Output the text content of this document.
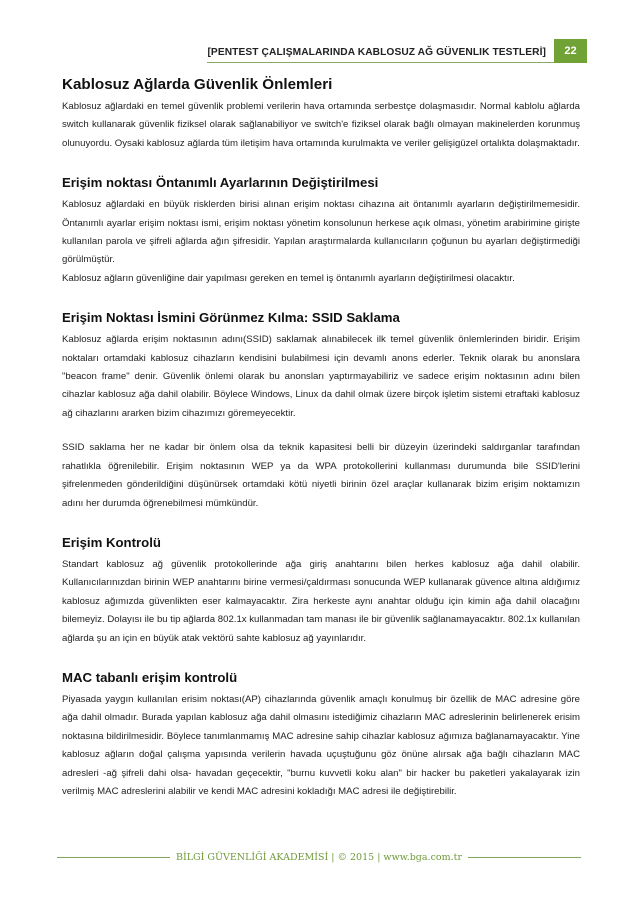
[PENTEST ÇALIŞMALARINDA KABLOSUZ AĞ GÜVENLIK TESTLERİ]	22
Kablosuz Ağlarda Güvenlik Önlemleri

Kablosuz ağlardaki en temel güvenlik problemi verilerin hava ortamında serbestçe dolaşmasıdır. Normal kablolu ağlarda switch kullanarak güvenlik fiziksel olarak sağlanabiliyor ve switch'e fiziksel olarak bağlı olmayan makinelerden korunmuş olunuyordu. Oysaki kablosuz ağlarda tüm iletişim hava ortamında kurulmakta ve veriler gelişigüzel ortalıkta dolaşmaktadır.

Erişim noktası Öntanımlı Ayarlarının Değiştirilmesi

Kablosuz ağlardaki en büyük risklerden birisi alınan erişim noktası cihazına ait öntanımlı ayarların değiştirilmemesidir. Öntanımlı ayarlar erişim noktası ismi, erişim noktası yönetim konsolunun herkese açık olması, yönetim arabirimine girişte kullanılan parola ve şifreli ağlarda ağın şifresidir. Yapılan araştırmalarda kullanıcıların çoğunun bu ayarları değiştirmediği görülmüştür.

Kablosuz ağların güvenliğine dair yapılması gereken en temel iş öntanımlı ayarların değiştirilmesi olacaktır.

Erişim Noktası İsmini Görünmez Kılma: SSID Saklama

Kablosuz ağlarda erişim noktasının adını(SSID) saklamak alınabilecek ilk temel güvenlik önlemlerinden biridir. Erişim noktaları ortamdaki kablosuz cihazların kendisini bulabilmesi için devamlı anons ederler. Teknik olarak bu anonslara "beacon frame" denir. Güvenlik önlemi olarak bu anonsları yaptırmayabiliriz ve sadece erişim noktasının adını bilen cihazlar kablosuz ağa dahil olabilir. Böylece Windows, Linux da dahil olmak üzere birçok işletim sistemi etraftaki kablosuz ağ cihazlarını ararken bizim cihazımızı göremeyecektir.

SSID saklama her ne kadar bir önlem olsa da teknik kapasitesi belli bir düzeyin üzerindeki saldırganlar tarafından rahatlıkla öğrenilebilir. Erişim noktasının WEP ya da WPA protokollerini kullanması durumunda bile SSID'lerini şifrelenmeden gönderildiğini düşünürsek ortamdaki kötü niyetli birinin özel araçlar kullanarak bizim erişim noktamızın adını her durumda öğrenebilmesi mümkündür.

Erişim Kontrolü

Standart kablosuz ağ güvenlik protokollerinde ağa giriş anahtarını bilen herkes kablosuz ağa dahil olabilir. Kullanıcılarınızdan birinin WEP anahtarını birine vermesi/çaldırması sonucunda WEP kullanarak güvence altına aldığımız kablosuz ağımızda güvenlikten eser kalmayacaktır. Zira herkeste aynı anahtar olduğu için kimin ağa dahil olacağını bilemeyiz. Dolayısı ile bu tip ağlarda 802.1x kullanmadan tam manası ile bir güvenlik sağlanamayacaktır. 802.1x kullanılan ağlarda şu an için en büyük atak vektörü sahte kablosuz ağ yayınlarıdır.

MAC tabanlı erişim kontrolü

Piyasada yaygın kullanılan erisim noktası(AP) cihazlarında güvenlik amaçlı konulmuş bir özellik de MAC adresine göre ağa dahil olmadır. Burada yapılan kablosuz ağa dahil olmasını istediğimiz cihazların MAC adreslerinin belirlenerek erisim noktasına bildirilmesidir. Böylece tanımlanmamış MAC adresine sahip cihazlar kablosuz ağımıza bağlanamayacaktır. Yine kablosuz ağların doğal çalışma yapısında verilerin havada uçuştuğunu göz önüne alırsak ağa bağlı cihazların MAC adresleri -ağ şifreli dahi olsa- havadan geçecektir, "burnu kuvvetli koku alan" bir hacker bu paketleri yakalayarak izin verilmiş MAC adreslerini alabilir ve kendi MAC adresini kokladığı MAC adresi ile değiştirebilir.

BİLGİ GÜVENLİĞİ AKADEMİSİ | © 2015 | www.bga.com.tr
